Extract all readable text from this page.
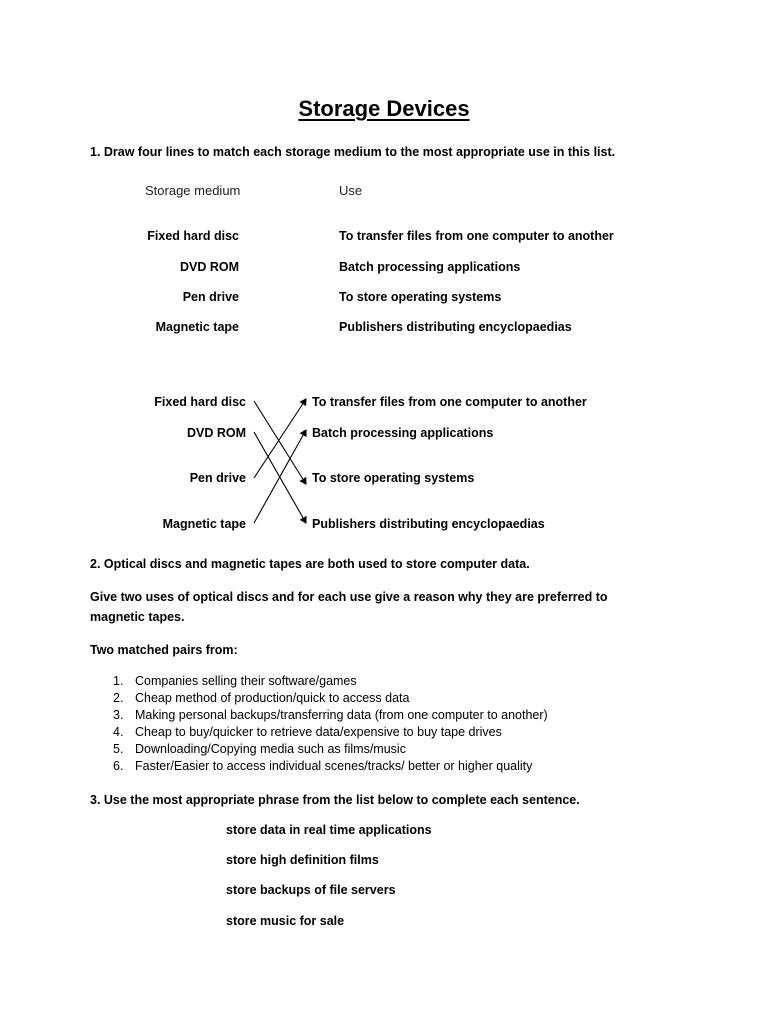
Storage Devices
1. Draw four lines to match each storage medium to the most appropriate use in this list.
Storage medium	Use
Fixed hard disc
DVD ROM
Pen drive
Magnetic tape
To transfer files from one computer to another
Batch processing applications
To store operating systems
Publishers distributing encyclopaedias
Fixed hard disc
DVD ROM
Pen drive
Magnetic tape
To transfer files from one computer to another
Batch processing applications
To store operating systems
Publishers distributing encyclopaedias
2. Optical discs and magnetic tapes are both used to store computer data.
Give two uses of optical discs and for each use give a reason why they are preferred to magnetic tapes.
Two matched pairs from:
1. Companies selling their software/games
2. Cheap method of production/quick to access data
3. Making personal backups/transferring data (from one computer to another)
4. Cheap to buy/quicker to retrieve data/expensive to buy tape drives
5. Downloading/Copying media such as films/music
6. Faster/Easier to access individual scenes/tracks/ better or higher quality
3. Use the most appropriate phrase from the list below to complete each sentence.
store data in real time applications
store high definition films
store backups of file servers
store music for sale
